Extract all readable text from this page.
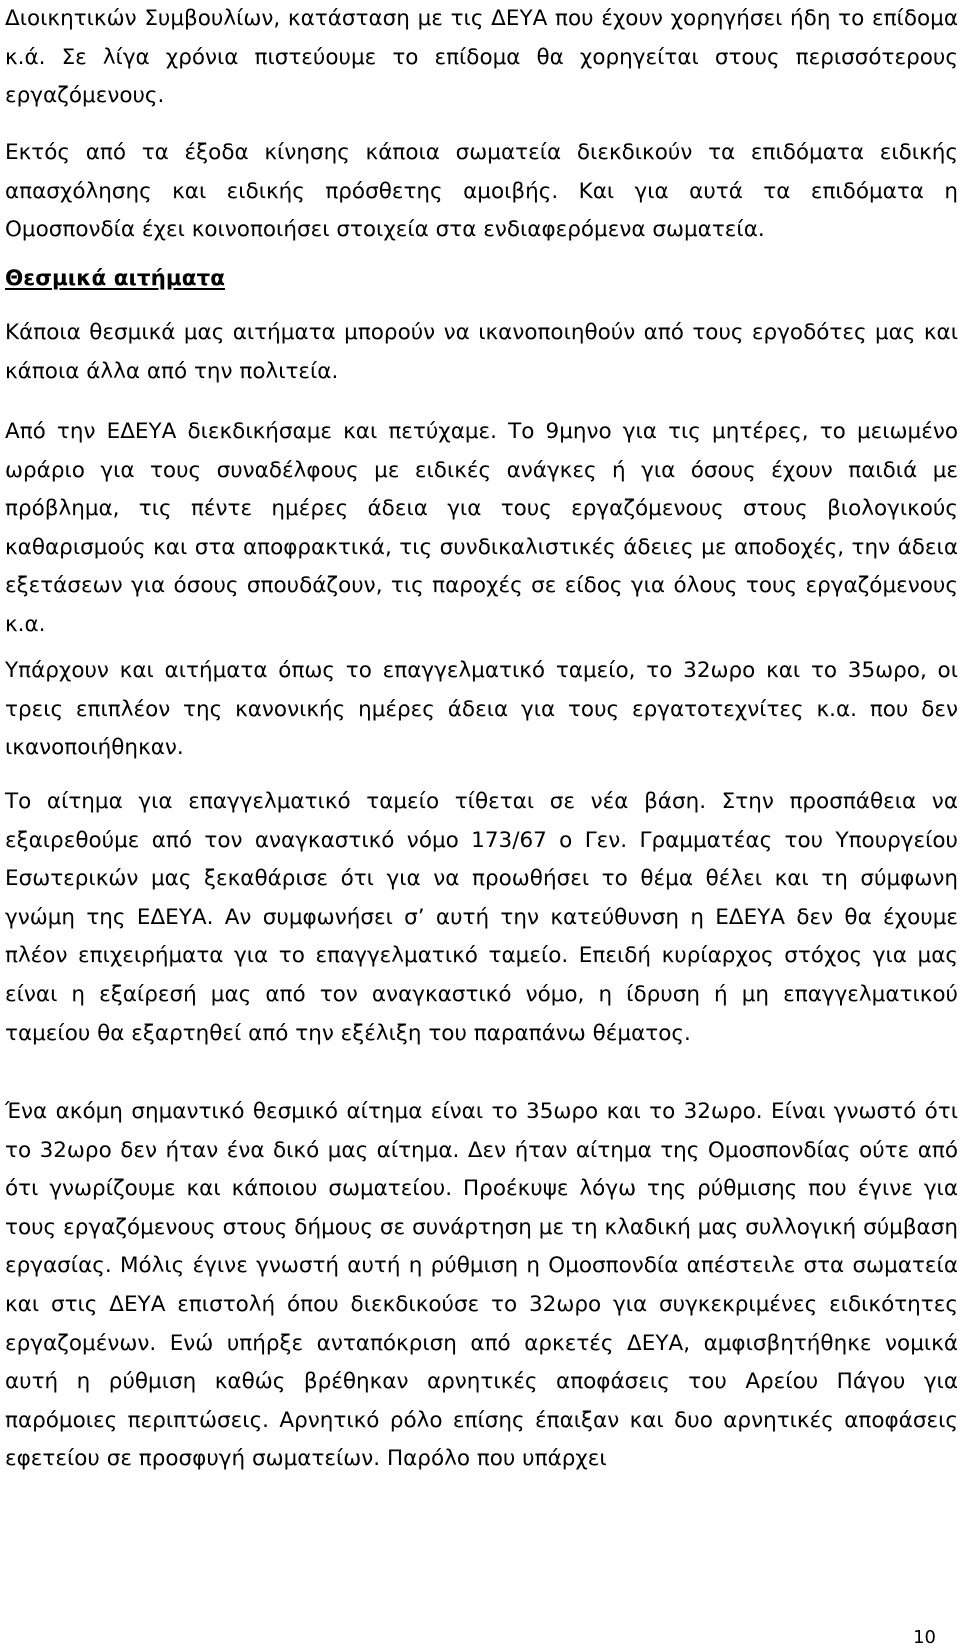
Διοικητικών Συμβουλίων, κατάσταση με τις ΔΕΥΑ που έχουν χορηγήσει ήδη το επίδομα κ.ά. Σε λίγα χρόνια πιστεύουμε το επίδομα θα χορηγείται στους περισσότερους εργαζόμενους.

Εκτός από τα έξοδα κίνησης κάποια σωματεία διεκδικούν τα επιδόματα ειδικής απασχόλησης και ειδικής πρόσθετης αμοιβής. Και για αυτά τα επιδόματα η Ομοσπονδία έχει κοινοποιήσει στοιχεία στα ενδιαφερόμενα σωματεία.

Θεσμικά αιτήματα

Κάποια θεσμικά μας αιτήματα μπορούν να ικανοποιηθούν από τους εργοδότες μας και κάποια άλλα από την πολιτεία.

Από την ΕΔΕΥΑ διεκδικήσαμε και πετύχαμε. Το 9μηνο για τις μητέρες, το μειωμένο ωράριο για τους συναδέλφους με ειδικές ανάγκες ή για όσους έχουν παιδιά με πρόβλημα, τις πέντε ημέρες άδεια για τους εργαζόμενους στους βιολογικούς καθαρισμούς και στα αποφρακτικά, τις συνδικαλιστικές άδειες με αποδοχές, την άδεια εξετάσεων για όσους σπουδάζουν, τις παροχές σε είδος για όλους τους εργαζόμενους κ.α.

Υπάρχουν και αιτήματα όπως το επαγγελματικό ταμείο, το 32ωρο και το 35ωρο, οι τρεις επιπλέον της κανονικής ημέρες άδεια για τους εργατοτεχνίτες κ.α. που δεν ικανοποιήθηκαν.

Το αίτημα για επαγγελματικό ταμείο τίθεται σε νέα βάση. Στην προσπάθεια να εξαιρεθούμε από τον αναγκαστικό νόμο 173/67 ο Γεν. Γραμματέας του Υπουργείου Εσωτερικών μας ξεκαθάρισε ότι για να προωθήσει το θέμα θέλει και τη σύμφωνη γνώμη της ΕΔΕΥΑ. Αν συμφωνήσει σ’ αυτή την κατεύθυνση η ΕΔΕΥΑ δεν θα έχουμε πλέον επιχειρήματα για το επαγγελματικό ταμείο. Επειδή κυρίαρχος στόχος για μας είναι η εξαίρεσή μας από τον αναγκαστικό νόμο, η ίδρυση ή μη επαγγελματικού ταμείου θα εξαρτηθεί από την εξέλιξη του παραπάνω θέματος.

Ένα ακόμη σημαντικό θεσμικό αίτημα είναι το 35ωρο και το 32ωρο. Είναι γνωστό ότι το 32ωρο δεν ήταν ένα δικό μας αίτημα. Δεν ήταν αίτημα της Ομοσπονδίας ούτε από ότι γνωρίζουμε και κάποιου σωματείου. Προέκυψε λόγω της ρύθμισης που έγινε για τους εργαζόμενους στους δήμους σε συνάρτηση με τη κλαδική μας συλλογική σύμβαση εργασίας. Μόλις έγινε γνωστή αυτή η ρύθμιση η Ομοσπονδία απέστειλε στα σωματεία και στις ΔΕΥΑ επιστολή όπου διεκδικούσε το 32ωρο για συγκεκριμένες ειδικότητες εργαζομένων. Ενώ υπήρξε ανταπόκριση από αρκετές ΔΕΥΑ, αμφισβητήθηκε νομικά αυτή η ρύθμιση καθώς βρέθηκαν αρνητικές αποφάσεις του Αρείου Πάγου για παρόμοιες περιπτώσεις. Αρνητικό ρόλο επίσης έπαιξαν και δυο αρνητικές αποφάσεις εφετείου σε προσφυγή σωματείων. Παρόλο που υπάρχει

10
